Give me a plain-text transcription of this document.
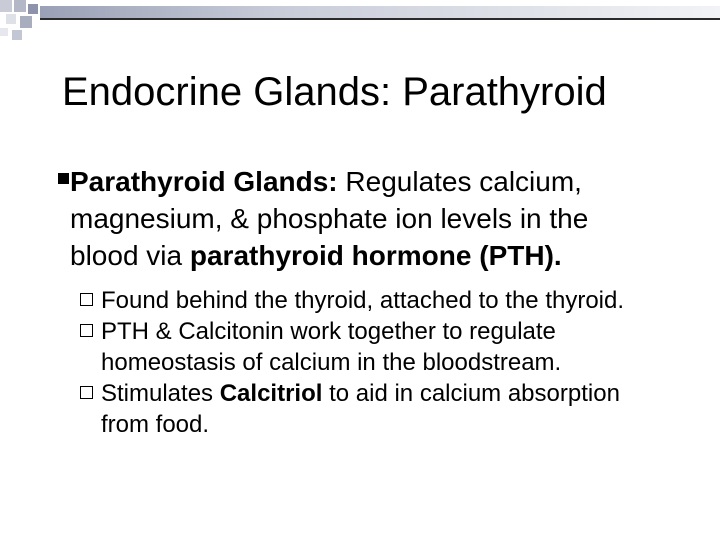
Endocrine Glands: Parathyroid
Parathyroid Glands: Regulates calcium, magnesium, & phosphate ion levels in the blood via parathyroid hormone (PTH).
Found behind the thyroid, attached to the thyroid.
PTH & Calcitonin work together to regulate homeostasis of calcium in the bloodstream.
Stimulates Calcitriol to aid in calcium absorption from food.
